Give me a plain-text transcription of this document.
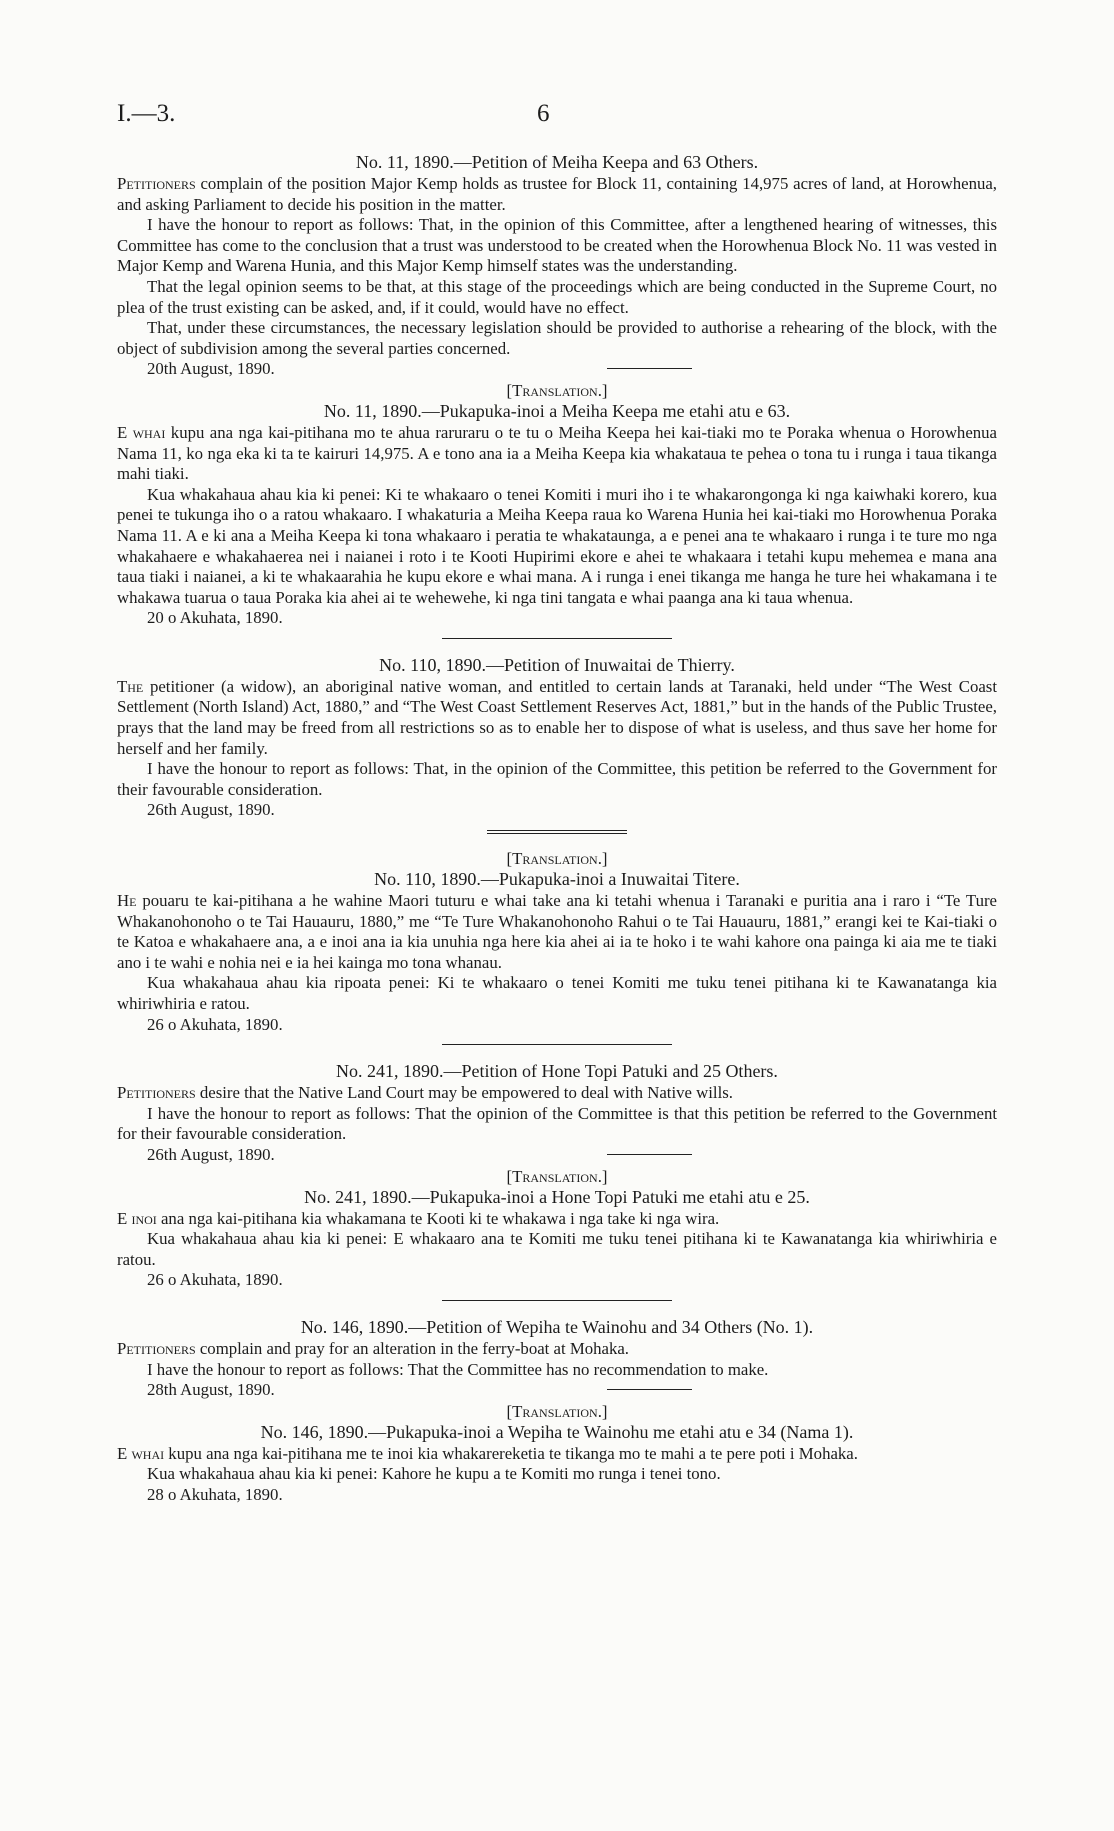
I.—3.	6
No. 11, 1890.—Petition of Meiha Keepa and 63 Others.

Petitioners complain of the position Major Kemp holds as trustee for Block 11, containing 14,975 acres of land, at Horowhenua, and asking Parliament to decide his position in the matter.

I have the honour to report as follows: That, in the opinion of this Committee, after a lengthened hearing of witnesses, this Committee has come to the conclusion that a trust was understood to be created when the Horowhenua Block No. 11 was vested in Major Kemp and Warena Hunia, and this Major Kemp himself states was the understanding.

That the legal opinion seems to be that, at this stage of the proceedings which are being conducted in the Supreme Court, no plea of the trust existing can be asked, and, if it could, would have no effect.

That, under these circumstances, the necessary legislation should be provided to authorise a rehearing of the block, with the object of subdivision among the several parties concerned.

20th August, 1890.
[Translation.]
No. 11, 1890.—Pukapuka-inoi a Meiha Keepa me etahi atu e 63.

E whai kupu ana nga kai-pitihana mo te ahua raruraru o te tu o Meiha Keepa hei kai-tiaki mo te Poraka whenua o Horowhenua Nama 11, ko nga eka ki ta te kairuri 14,975. A e tono ana ia a Meiha Keepa kia whakataua te pehea o tona tu i runga i taua tikanga mahi tiaki.

Kua whakahaua ahau kia ki penei: Ki te whakaaro o tenei Komiti i muri iho i te whakarongonga ki nga kaiwhaki korero, kua penei te tukunga iho o a ratou whakaaro. I whakaturia a Meiha Keepa raua ko Warena Hunia hei kai-tiaki mo Horowhenua Poraka Nama 11. A e ki ana a Meiha Keepa ki tona whakaaro i peratia te whakataunga, a e penei ana te whakaaro i runga i te ture mo nga whakahaere e whakahaerea nei i naianei i roto i te Kooti Hupirimi ekore e ahei te whakaara i tetahi kupu mehemea e mana ana taua tiaki i naianei, a ki te whakaarahia he kupu ekore e whai mana. A i runga i enei tikanga me hanga he ture hei whakamana i te whakawa tuarua o taua Poraka kia ahei ai te wehewehe, ki nga tini tangata e whai paanga ana ki taua whenua.

20 o Akuhata, 1890.
No. 110, 1890.—Petition of Inuwaitai de Thierry.

The petitioner (a widow), an aboriginal native woman, and entitled to certain lands at Taranaki, held under “The West Coast Settlement (North Island) Act, 1880,” and “The West Coast Settlement Reserves Act, 1881,” but in the hands of the Public Trustee, prays that the land may be freed from all restrictions so as to enable her to dispose of what is useless, and thus save her home for herself and her family.

I have the honour to report as follows: That, in the opinion of the Committee, this petition be referred to the Government for their favourable consideration.

26th August, 1890.
[Translation.]
No. 110, 1890.—Pukapuka-inoi a Inuwaitai Titere.

He pouaru te kai-pitihana a he wahine Maori tuturu e whai take ana ki tetahi whenua i Taranaki e puritia ana i raro i “Te Ture Whakanohonoho o te Tai Hauauru, 1880,” me “Te Ture Whakanohonoho Rahui o te Tai Hauauru, 1881,” erangi kei te Kai-tiaki o te Katoa e whakahaere ana, a e inoi ana ia kia unuhia nga here kia ahei ai ia te hoko i te wahi kahore ona painga ki aia me te tiaki ano i te wahi e nohia nei e ia hei kainga mo tona whanau.

Kua whakahaua ahau kia ripoata penei: Ki te whakaaro o tenei Komiti me tuku tenei pitihana ki te Kawanatanga kia whiriwhiria e ratou.

26 o Akuhata, 1890.
No. 241, 1890.—Petition of Hone Topi Patuki and 25 Others.

Petitioners desire that the Native Land Court may be empowered to deal with Native wills.

I have the honour to report as follows: That the opinion of the Committee is that this petition be referred to the Government for their favourable consideration.

26th August, 1890.
[Translation.]
No. 241, 1890.—Pukapuka-inoi a Hone Topi Patuki me etahi atu e 25.

E inoi ana nga kai-pitihana kia whakamana te Kooti ki te whakawa i nga take ki nga wira.

Kua whakahaua ahau kia ki penei: E whakaaro ana te Komiti me tuku tenei pitihana ki te Kawanatanga kia whiriwhiria e ratou.

26 o Akuhata, 1890.
No. 146, 1890.—Petition of Wepiha te Wainohu and 34 Others (No. 1).

Petitioners complain and pray for an alteration in the ferry-boat at Mohaka.

I have the honour to report as follows: That the Committee has no recommendation to make.

28th August, 1890.
[Translation.]
No. 146, 1890.—Pukapuka-inoi a Wepiha te Wainohu me etahi atu e 34 (Nama 1).

E whai kupu ana nga kai-pitihana me te inoi kia whakarereketia te tikanga mo te mahi a te pere poti i Mohaka.

Kua whakahaua ahau kia ki penei: Kahore he kupu a te Komiti mo runga i tenei tono.

28 o Akuhata, 1890.
